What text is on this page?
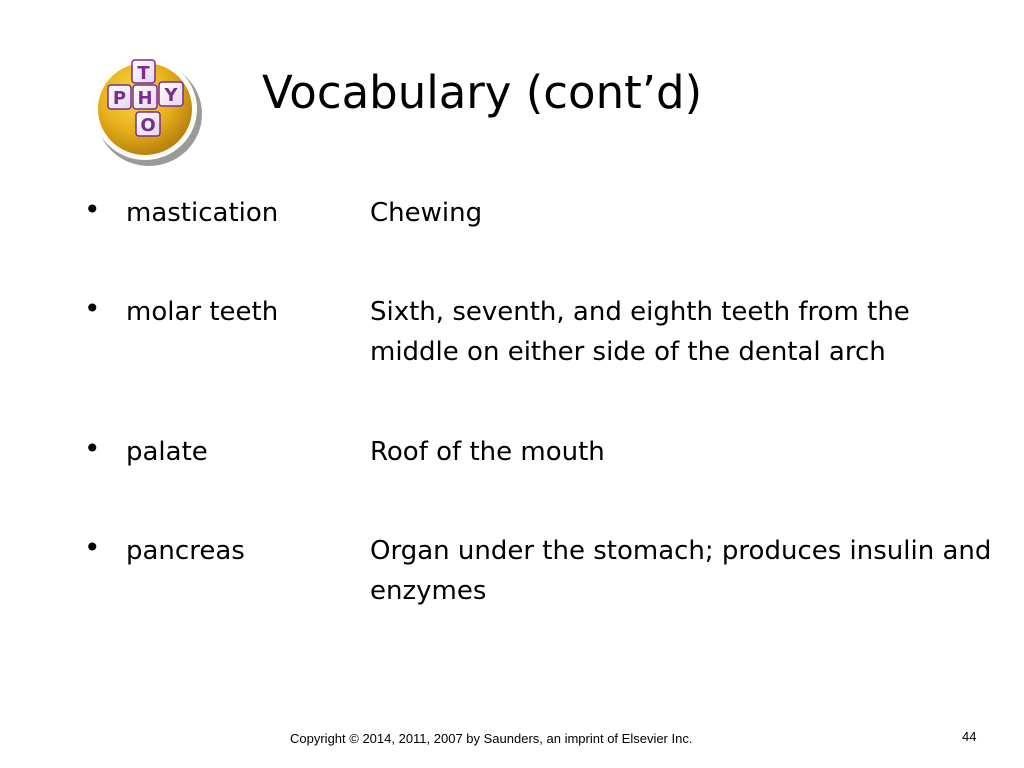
T
P H Y
O
Vocabulary (cont’d)
• mastication	Chewing
• molar teeth	Sixth, seventh, and eighth teeth from the middle on either side of the dental arch
• palate	Roof of the mouth
• pancreas	Organ under the stomach; produces insulin and enzymes
Copyright © 2014, 2011, 2007 by Saunders, an imprint of Elsevier Inc.	44
